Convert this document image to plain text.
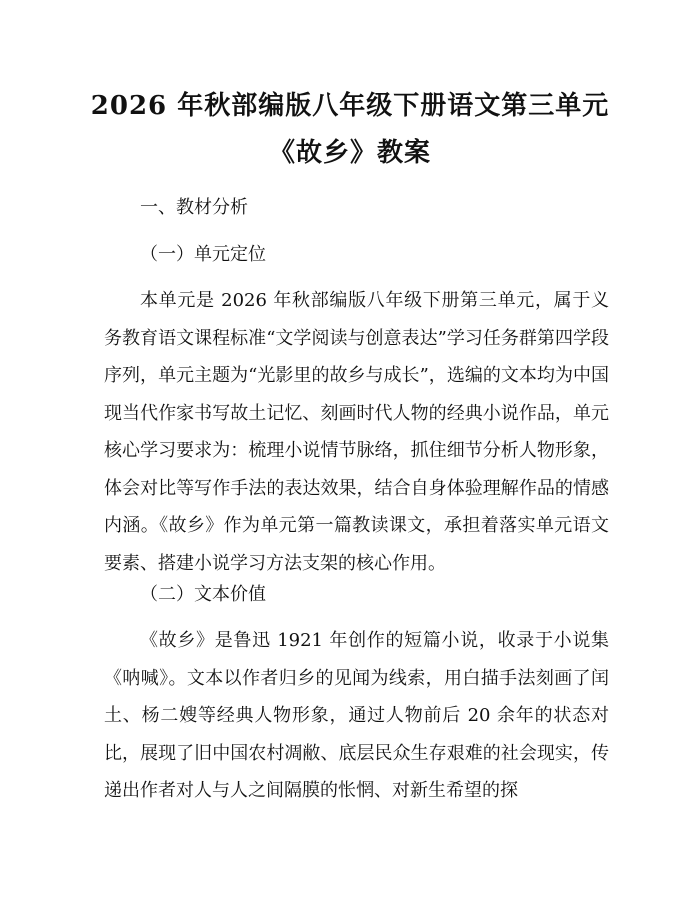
2026 年秋部编版八年级下册语文第三单元
《故乡》教案
一、教材分析
（一）单元定位
本单元是 2026 年秋部编版八年级下册第三单元，属于义务教育语文课程标准“文学阅读与创意表达”学习任务群第四学段序列，单元主题为“光影里的故乡与成长”，选编的文本均为中国现当代作家书写故土记忆、刻画时代人物的经典小说作品，单元核心学习要求为：梳理小说情节脉络，抓住细节分析人物形象，体会对比等写作手法的表达效果，结合自身体验理解作品的情感内涵。《故乡》作为单元第一篇教读课文，承担着落实单元语文要素、搭建小说学习方法支架的核心作用。
（二）文本价值
《故乡》是鲁迅 1921 年创作的短篇小说，收录于小说集《呐喊》。文本以作者归乡的见闻为线索，用白描手法刻画了闰土、杨二嫂等经典人物形象，通过人物前后 20 余年的状态对比，展现了旧中国农村凋敝、底层民众生存艰难的社会现实，传递出作者对人与人之间隔膜的怅惘、对新生希望的探
